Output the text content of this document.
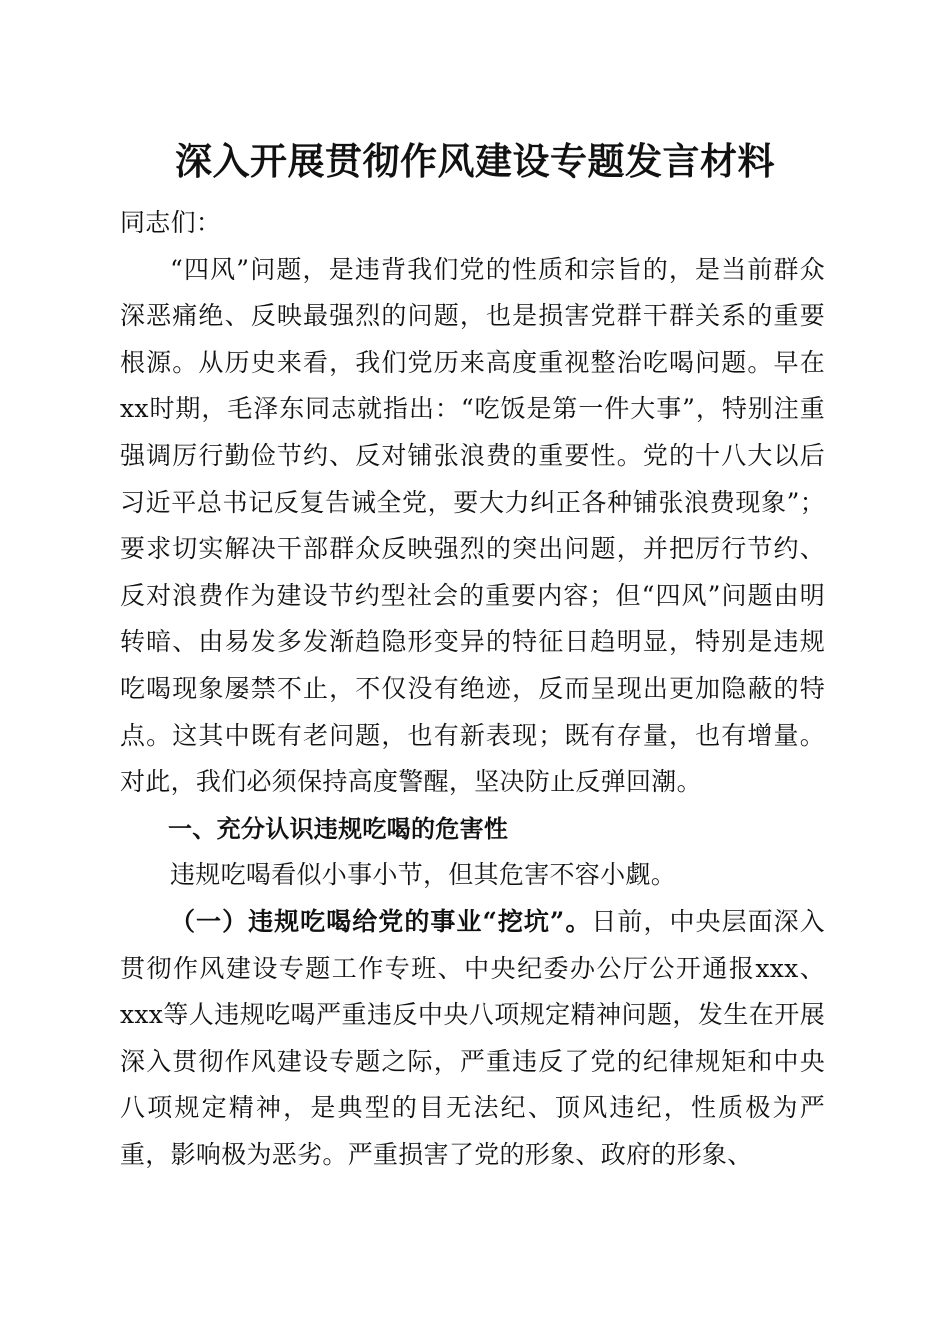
深入开展贯彻作风建设专题发言材料

同志们：

“四风”问题，是违背我们党的性质和宗旨的，是当前群众深恶痛绝、反映最强烈的问题，也是损害党群干群关系的重要根源。从历史来看，我们党历来高度重视整治吃喝问题。早在xx时期，毛泽东同志就指出：“吃饭是第一件大事”，特别注重强调厉行勤俭节约、反对铺张浪费的重要性。党的十八大以后习近平总书记反复告诫全党，要大力纠正各种铺张浪费现象”；要求切实解决干部群众反映强烈的突出问题，并把厉行节约、反对浪费作为建设节约型社会的重要内容；但“四风”问题由明转暗、由易发多发渐趋隐形变异的特征日趋明显，特别是违规吃喝现象屡禁不止，不仅没有绝迹，反而呈现出更加隐蔽的特点。这其中既有老问题，也有新表现；既有存量，也有增量。对此，我们必须保持高度警醒，坚决防止反弹回潮。

一、充分认识违规吃喝的危害性

违规吃喝看似小事小节，但其危害不容小觑。

（一）违规吃喝给党的事业“挖坑”。日前，中央层面深入贯彻作风建设专题工作专班、中央纪委办公厅公开通报xxx、xxx等人违规吃喝严重违反中央八项规定精神问题，发生在开展深入贯彻作风建设专题之际，严重违反了党的纪律规矩和中央八项规定精神，是典型的目无法纪、顶风违纪，性质极为严重，影响极为恶劣。严重损害了党的形象、政府的形象、
